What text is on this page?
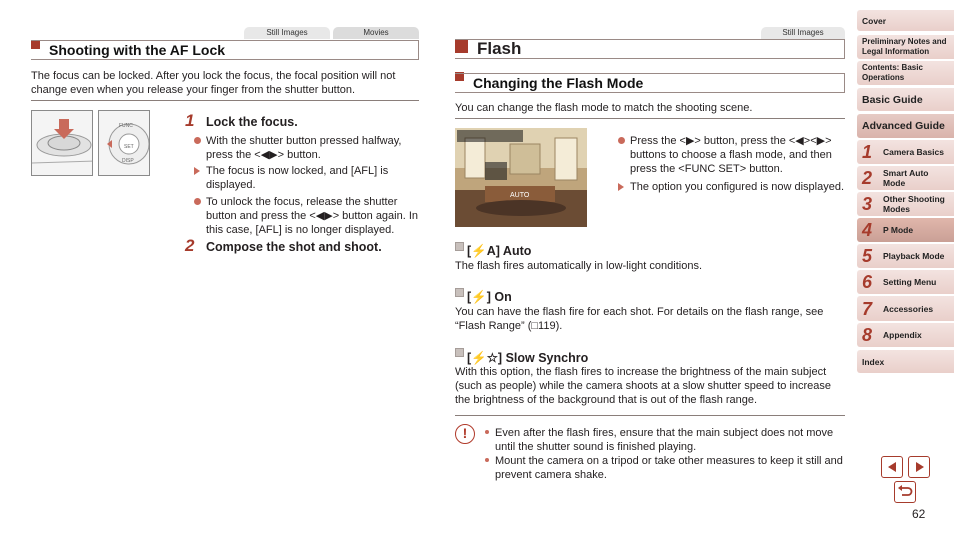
Still Images	Movies
Shooting with the AF Lock
The focus can be locked. After you lock the focus, the focal position will not change even when you release your finger from the shutter button.
FUNC
SET
DISP
1 Lock the focus.
With the shutter button pressed halfway, press the <◀▶> button.
The focus is now locked, and [AFL] is displayed.
To unlock the focus, release the shutter button and press the <◀▶> button again. In this case, [AFL] is no longer displayed.
2 Compose the shot and shoot.
Still Images
Flash
Changing the Flash Mode
You can change the flash mode to match the shooting scene.
AUTO
Press the <▶> button, press the <◀><▶> buttons to choose a flash mode, and then press the <FUNC SET> button.
The option you configured is now displayed.
[⚡A] Auto
The flash fires automatically in low-light conditions.
[⚡] On
You can have the flash fire for each shot. For details on the flash range, see “Flash Range” (□119).
[⚡☆] Slow Synchro
With this option, the flash fires to increase the brightness of the main subject (such as people) while the camera shoots at a slow shutter speed to increase the brightness of the background that is out of the flash range.
!	Even after the flash fires, ensure that the main subject does not move until the shutter sound is finished playing.
Mount the camera on a tripod or take other measures to keep it still and prevent camera shake.
Cover
Preliminary Notes and Legal Information
Contents: Basic Operations
Basic Guide
Advanced Guide
1	Camera Basics
2	Smart Auto Mode
3	Other Shooting Modes
4	P Mode
5	Playback Mode
6	Setting Menu
7	Accessories
8	Appendix
Index
62
